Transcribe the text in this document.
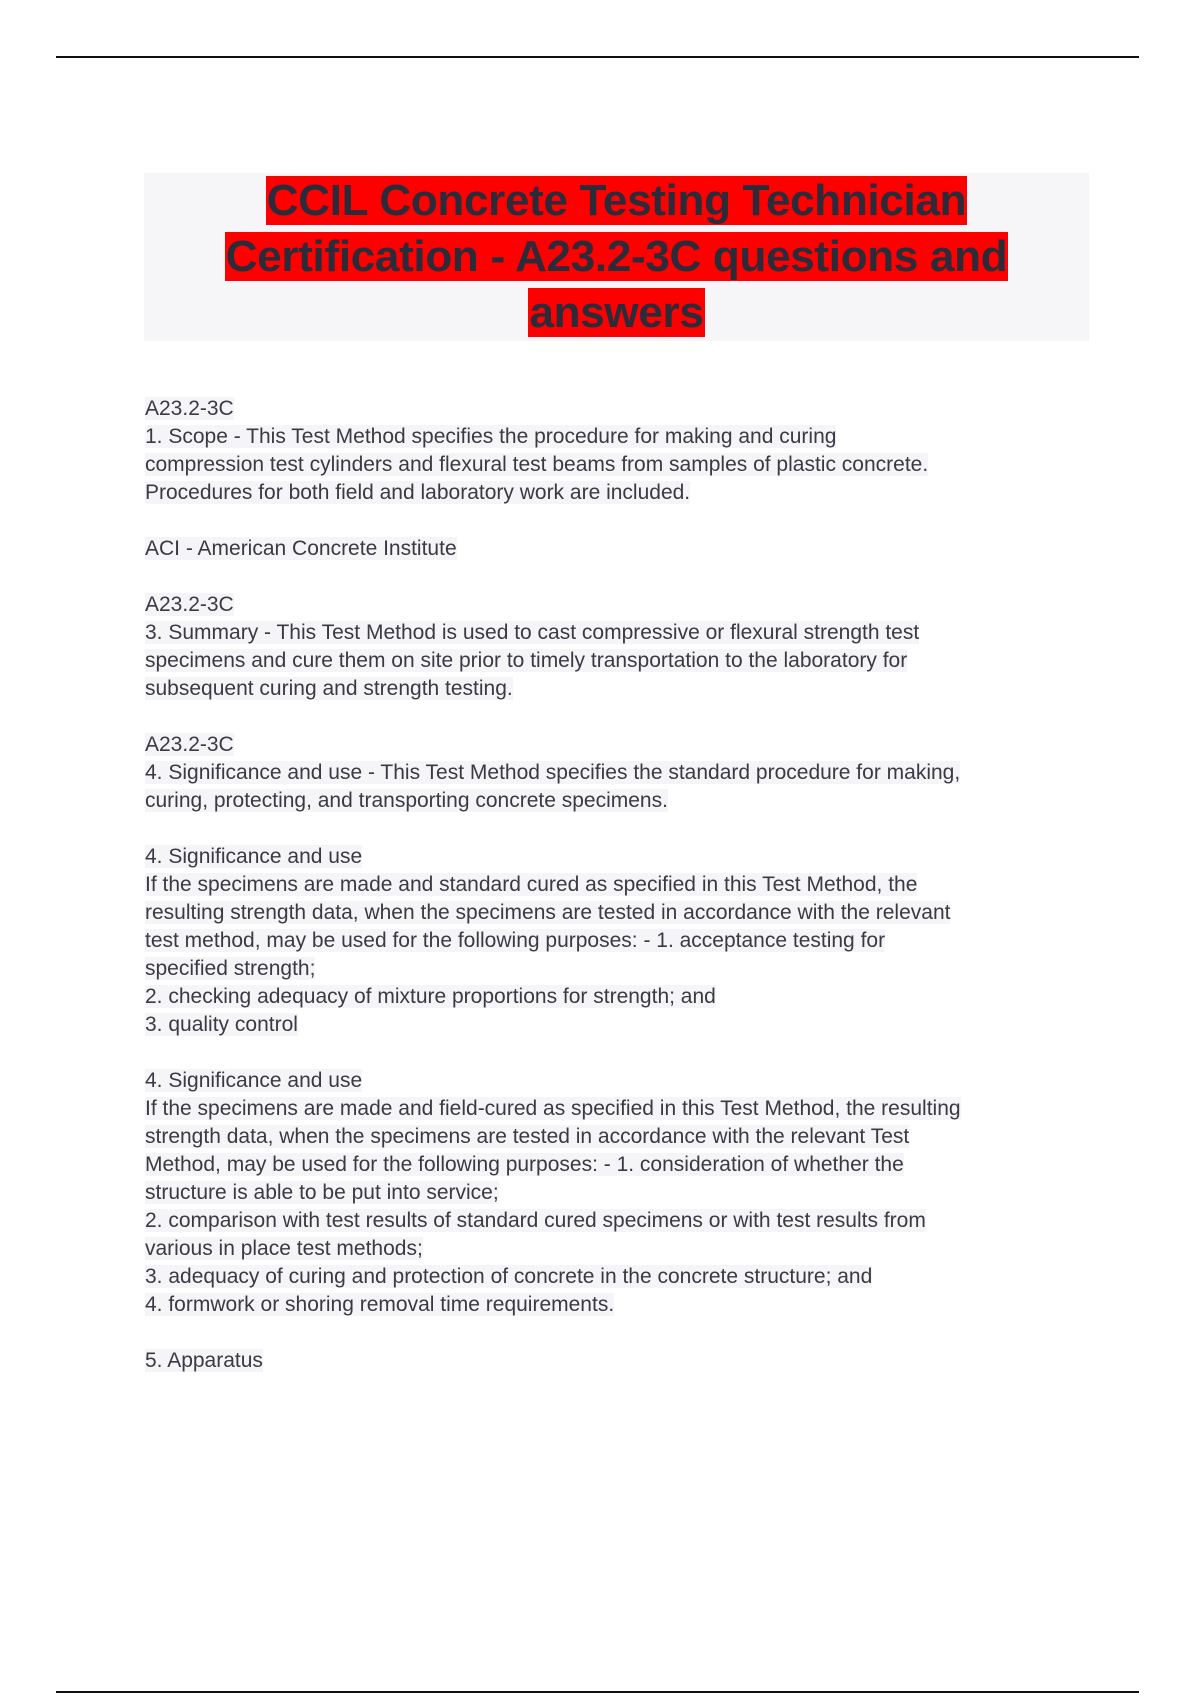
CCIL Concrete Testing Technician
Certification - A23.2-3C questions and
answers
A23.2-3C
1. Scope - This Test Method specifies the procedure for making and curing
compression test cylinders and flexural test beams from samples of plastic concrete.
Procedures for both field and laboratory work are included.
ACI - American Concrete Institute
A23.2-3C
3. Summary - This Test Method is used to cast compressive or flexural strength test
specimens and cure them on site prior to timely transportation to the laboratory for
subsequent curing and strength testing.
A23.2-3C
4. Significance and use - This Test Method specifies the standard procedure for making,
curing, protecting, and transporting concrete specimens.
4. Significance and use
If the specimens are made and standard cured as specified in this Test Method, the
resulting strength data, when the specimens are tested in accordance with the relevant
test method, may be used for the following purposes: - 1. acceptance testing for
specified strength;
2. checking adequacy of mixture proportions for strength; and
3. quality control
4. Significance and use
If the specimens are made and field-cured as specified in this Test Method, the resulting
strength data, when the specimens are tested in accordance with the relevant Test
Method, may be used for the following purposes: - 1. consideration of whether the
structure is able to be put into service;
2. comparison with test results of standard cured specimens or with test results from
various in place test methods;
3. adequacy of curing and protection of concrete in the concrete structure; and
4. formwork or shoring removal time requirements.
5. Apparatus
